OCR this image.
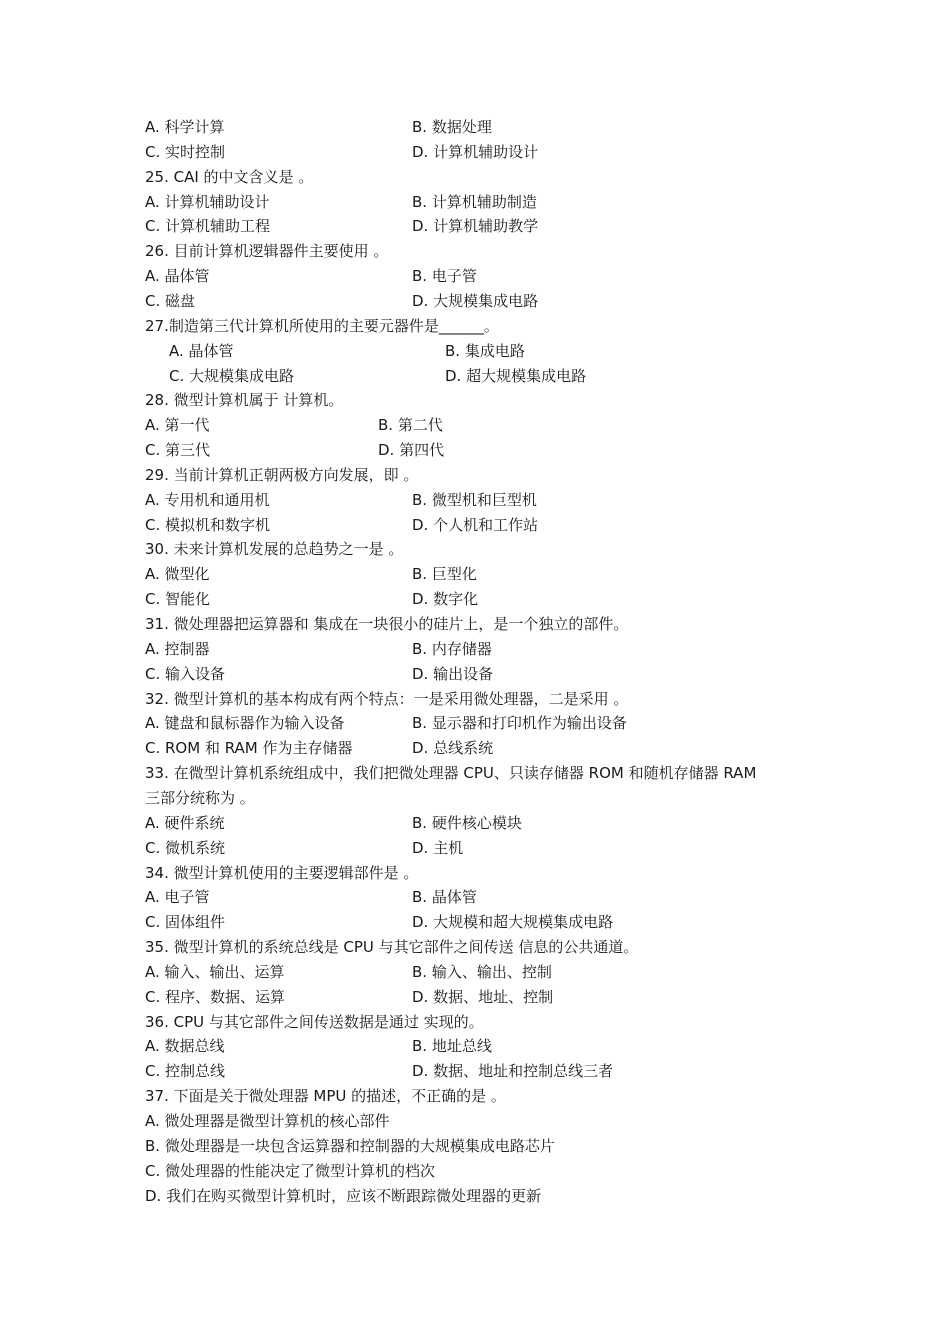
A. 科学计算	B. 数据处理
C. 实时控制	D. 计算机辅助设计
25. CAI 的中文含义是 。
A. 计算机辅助设计	B. 计算机辅助制造
C. 计算机辅助工程	D. 计算机辅助教学
26. 目前计算机逻辑器件主要使用 。
A. 晶体管	B. 电子管
C. 磁盘	D. 大规模集成电路
27.制造第三代计算机所使用的主要元器件是______。
A. 晶体管	B. 集成电路
C. 大规模集成电路	D. 超大规模集成电路
28. 微型计算机属于 计算机。
A. 第一代	B. 第二代
C. 第三代	D. 第四代
29. 当前计算机正朝两极方向发展，即 。
A. 专用机和通用机	B. 微型机和巨型机
C. 模拟机和数字机	D. 个人机和工作站
30. 未来计算机发展的总趋势之一是 。
A. 微型化	B. 巨型化
C. 智能化	D. 数字化
31. 微处理器把运算器和 集成在一块很小的硅片上，是一个独立的部件。
A. 控制器	B. 内存储器
C. 输入设备	D. 输出设备
32. 微型计算机的基本构成有两个特点：一是采用微处理器，二是采用 。
A. 键盘和鼠标器作为输入设备	B. 显示器和打印机作为输出设备
C. ROM 和 RAM 作为主存储器	D. 总线系统
33. 在微型计算机系统组成中，我们把微处理器 CPU、只读存储器 ROM 和随机存储器 RAM
三部分统称为 。
A. 硬件系统	B. 硬件核心模块
C. 微机系统	D. 主机
34. 微型计算机使用的主要逻辑部件是 。
A. 电子管	B. 晶体管
C. 固体组件	D. 大规模和超大规模集成电路
35. 微型计算机的系统总线是 CPU 与其它部件之间传送 信息的公共通道。
A. 输入、输出、运算	B. 输入、输出、控制
C. 程序、数据、运算	D. 数据、地址、控制
36. CPU 与其它部件之间传送数据是通过 实现的。
A. 数据总线	B. 地址总线
C. 控制总线	D. 数据、地址和控制总线三者
37. 下面是关于微处理器 MPU 的描述，不正确的是 。
A. 微处理器是微型计算机的核心部件
B. 微处理器是一块包含运算器和控制器的大规模集成电路芯片
C. 微处理器的性能决定了微型计算机的档次
D. 我们在购买微型计算机时，应该不断跟踪微处理器的更新
